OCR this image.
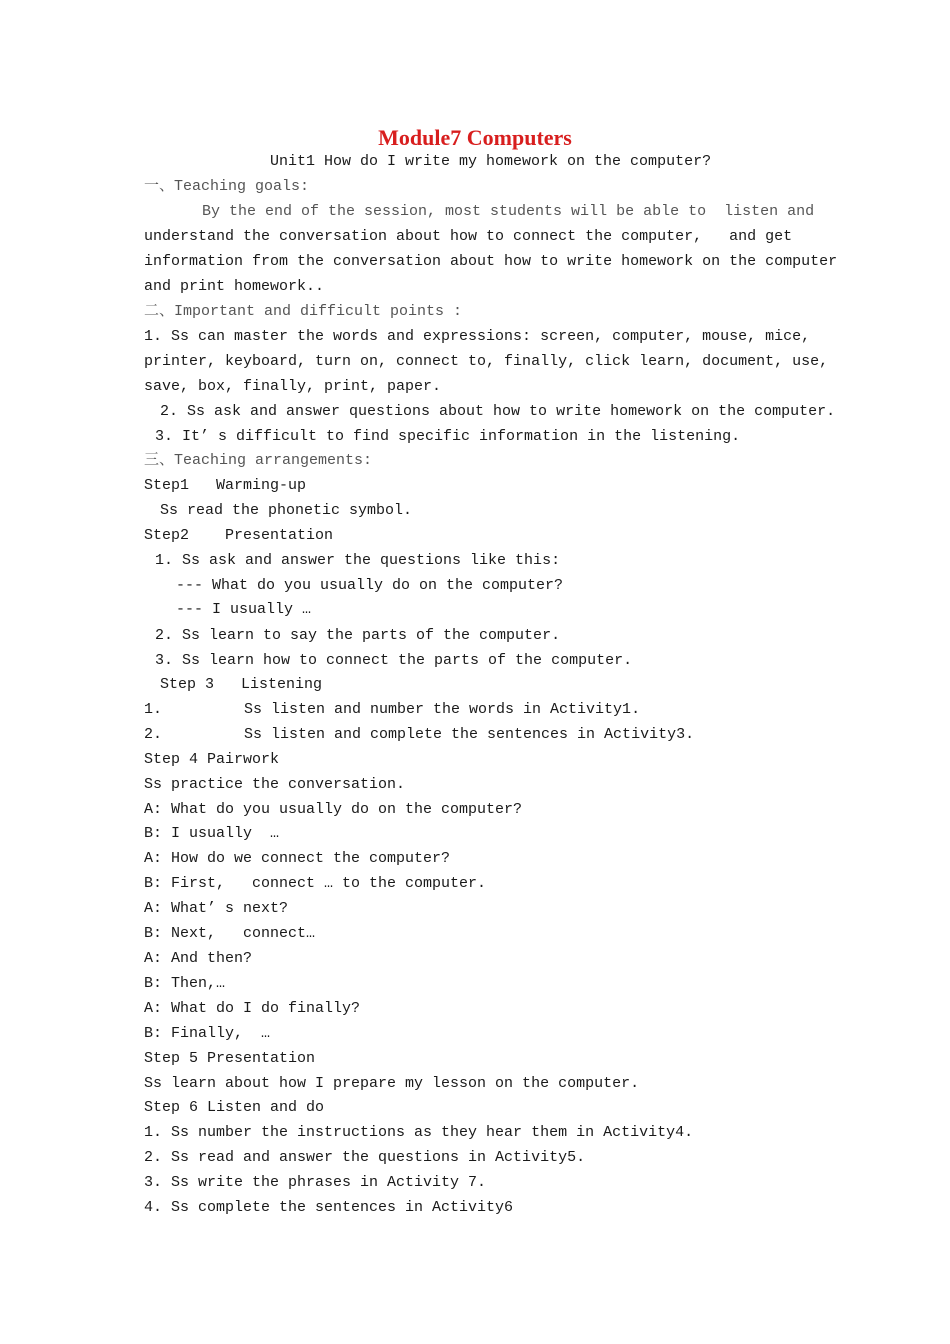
Module7 Computers
Unit1 How do I write my homework on the computer?
一、Teaching goals:
By the end of the session, most students will be able to  listen and
understand the conversation about how to connect the computer,   and get
information from the conversation about how to write homework on the computer
and print homework..
二、Important and difficult points :
1. Ss can master the words and expressions: screen, computer, mouse, mice,
printer, keyboard, turn on, connect to, finally, click learn, document, use,
save, box, finally, print, paper.
2. Ss ask and answer questions about how to write homework on the computer.
3. It’ s difficult to find specific information in the listening.
三、Teaching arrangements:
Step1   Warming-up
Ss read the phonetic symbol.
Step2    Presentation
1. Ss ask and answer the questions like this:
--- What do you usually do on the computer?
--- I usually …
2. Ss learn to say the parts of the computer.
3. Ss learn how to connect the parts of the computer.
Step 3   Listening
1.	Ss listen and number the words in Activity1.
2.	Ss listen and complete the sentences in Activity3.
Step 4 Pairwork
Ss practice the conversation.
A: What do you usually do on the computer?
B: I usually  …
A: How do we connect the computer?
B: First,   connect … to the computer.
A: What’ s next?
B: Next,   connect…
A: And then?
B: Then,…
A: What do I do finally?
B: Finally,  …
Step 5 Presentation
Ss learn about how I prepare my lesson on the computer.
Step 6 Listen and do
1. Ss number the instructions as they hear them in Activity4.
2. Ss read and answer the questions in Activity5.
3. Ss write the phrases in Activity 7.
4. Ss complete the sentences in Activity6
